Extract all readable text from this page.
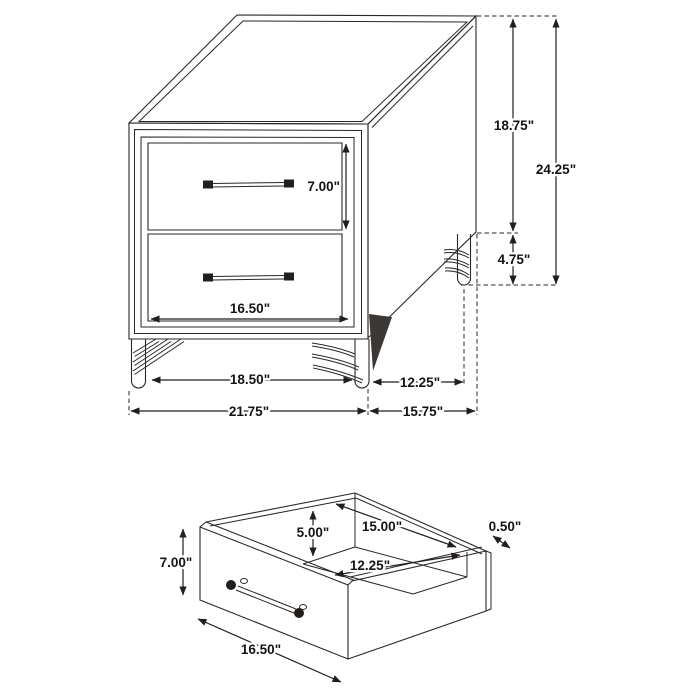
7.00"
16.50"
18.75"
24.25"
4.75"
18.50"	12.25"
21.75"	15.75"
7.00"
5.00" 15.00"
12.25"
0.50"
16.50"
